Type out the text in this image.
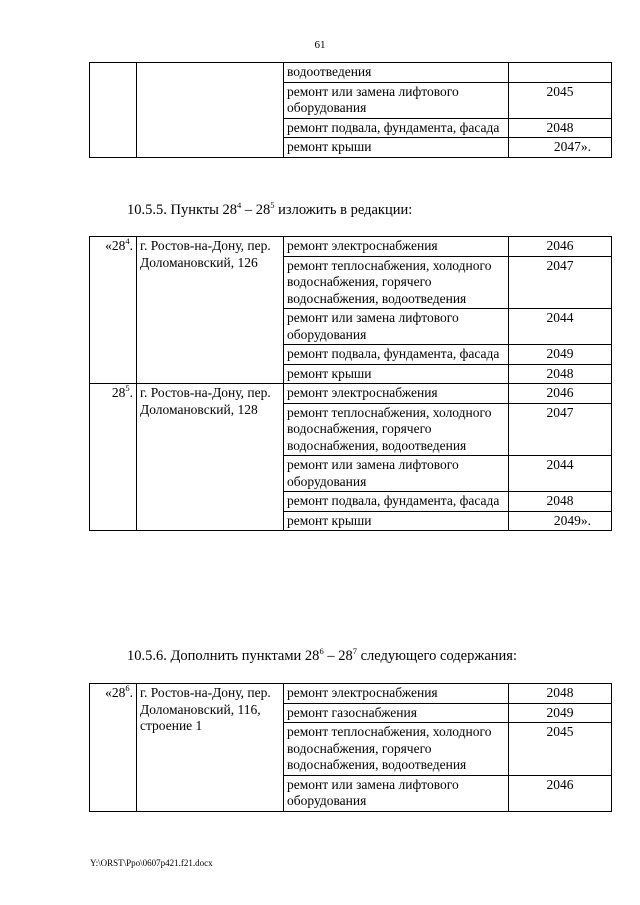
61
		водоотведения	
		ремонт или замена лифтового оборудования	2045
		ремонт подвала, фундамента, фасада	2048
		ремонт крыши	2047».
10.5.5. Пункты $28^4 - 28^5$ изложить в редакции:
«$28^4$.	г. Ростов-на-Дону, пер. Доломановский, 126	ремонт электроснабжения	2046
		ремонт теплоснабжения, холодного водоснабжения, горячего водоснабжения, водоотведения	2047
		ремонт или замена лифтового оборудования	2044
		ремонт подвала, фундамента, фасада	2049
		ремонт крыши	2048
$28^5$.	г. Ростов-на-Дону, пер. Доломановский, 128	ремонт электроснабжения	2046
		ремонт теплоснабжения, холодного водоснабжения, горячего водоснабжения, водоотведения	2047
		ремонт или замена лифтового оборудования	2044
		ремонт подвала, фундамента, фасада	2048
		ремонт крыши	2049».
10.5.6. Дополнить пунктами $28^6 - 28^7$ следующего содержания:
«$28^6$.	г. Ростов-на-Дону, пер. Доломановский, 116, строение 1	ремонт электроснабжения	2048
		ремонт газоснабжения	2049
		ремонт теплоснабжения, холодного водоснабжения, горячего водоснабжения, водоотведения	2045
		ремонт или замена лифтового оборудования	2046
Y:\ORST\Ppo\0607p421.f21.docx
